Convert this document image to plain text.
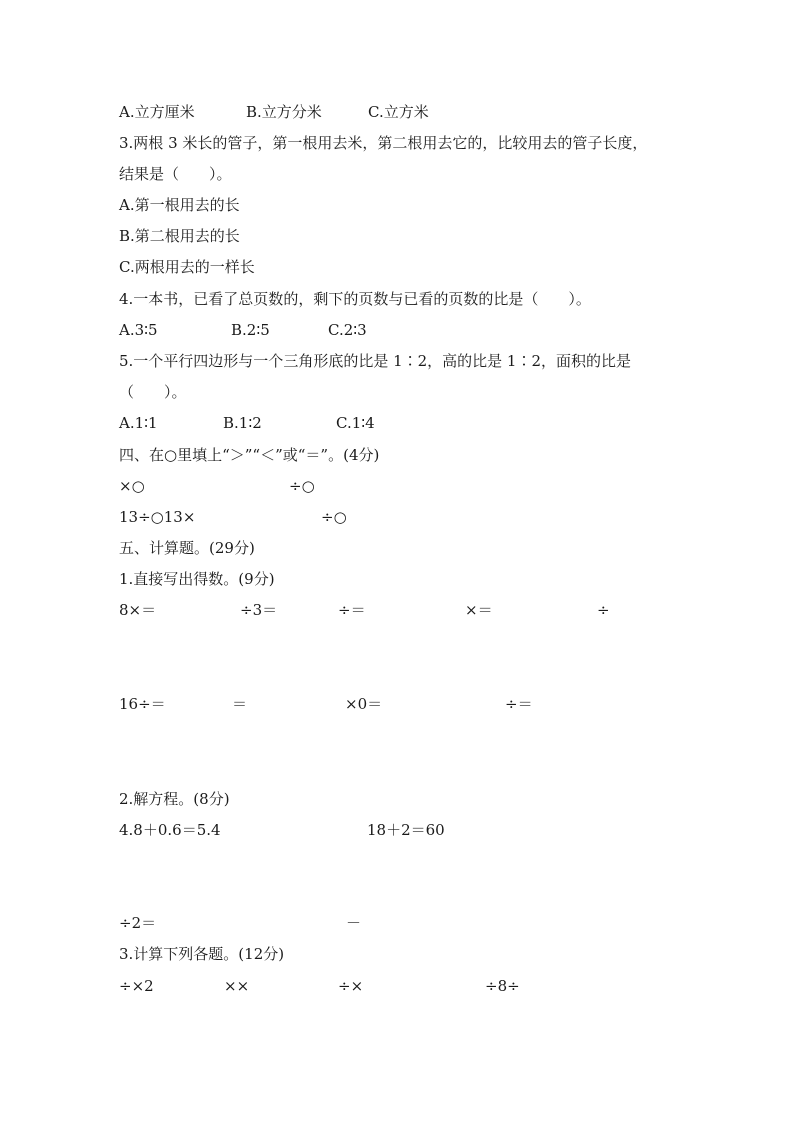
A.立方厘米	B.立方分米	C.立方米
3.两根 3 米长的管子，第一根用去米，第二根用去它的，比较用去的管子长度，
结果是（　　）。
A.第一根用去的长
B.第二根用去的长
C.两根用去的一样长
4.一本书，已看了总页数的，剩下的页数与已看的页数的比是（　　）。
A.3∶5	B.2∶5	C.2∶3
5.一个平行四边形与一个三角形底的比是 1∶2，高的比是 1∶2，面积的比是
（　　）。
A.1∶1	B.1∶2	C.1∶4
四、在○里填上“＞”“＜”或“＝”。(4分)
×○	÷○
13÷○13×	÷○
五、计算题。(29分)
1.直接写出得数。(9分)
8×＝	÷3＝	÷＝	×＝	÷
16÷＝	＝	×0＝	÷＝
2.解方程。(8分)
4.8＋0.6＝5.4	18＋2＝60
÷2＝	－
3.计算下列各题。(12分)
÷×2	××	÷×	÷8÷
